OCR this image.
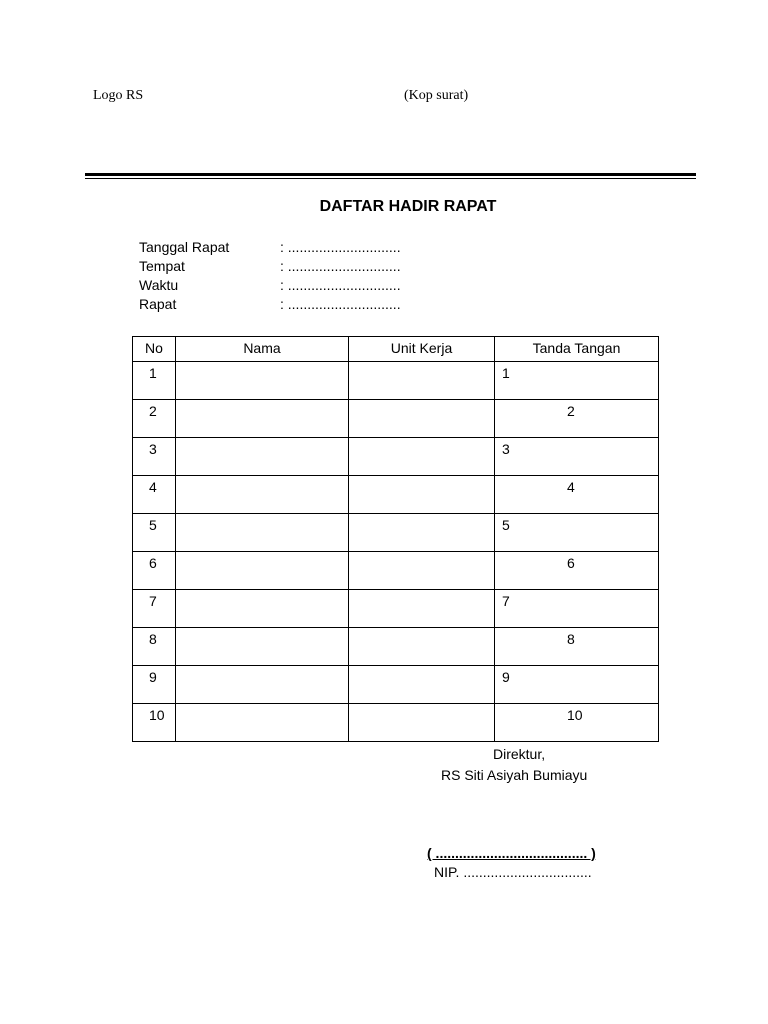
Logo RS	(Kop surat)
DAFTAR HADIR RAPAT
Tanggal Rapat	: .............................
Tempat	: .............................
Waktu	: .............................
Rapat	: .............................
No	Nama	Unit Kerja	Tanda Tangan
1			1
2			2
3			3
4			4
5			5
6			6
7			7
8			8
9			9
10			10
Direktur,
RS Siti Asiyah Bumiayu
( ....................................... )
NIP. .................................
